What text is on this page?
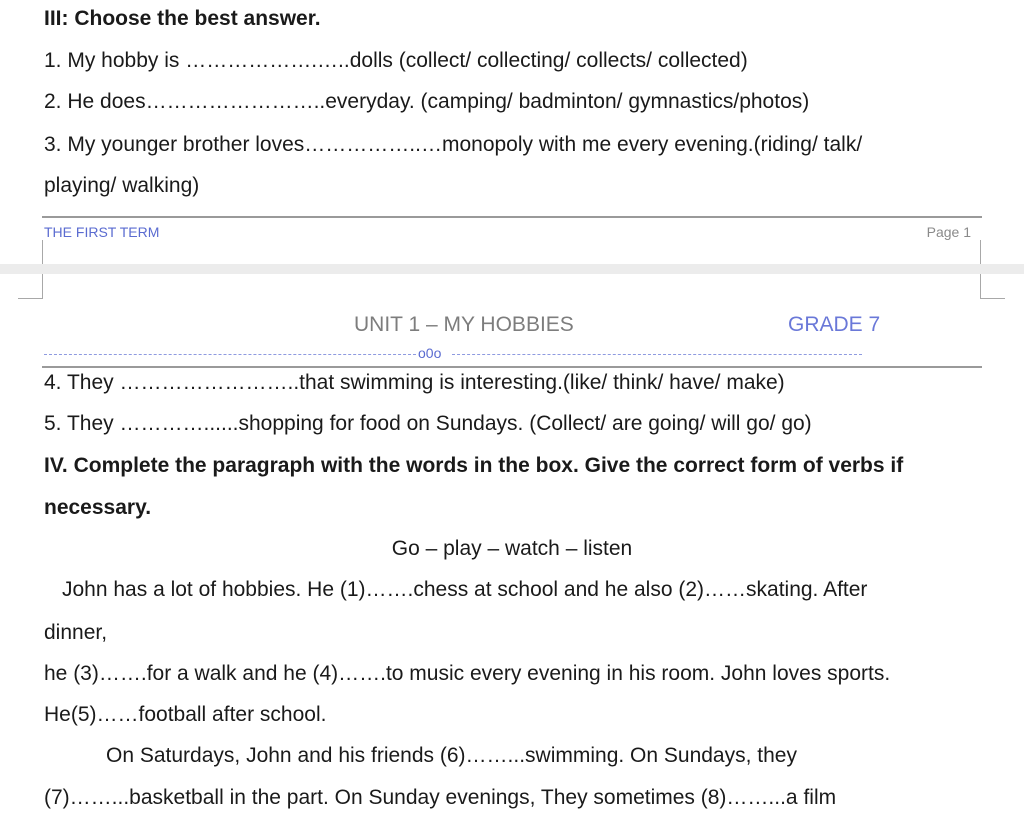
III: Choose the best answer.
1. My hobby is ……………….…..dolls (collect/ collecting/ collects/ collected)
2. He does……………………..everyday. (camping/ badminton/ gymnastics/photos)
3. My younger brother loves……………..…monopoly with me every evening.(riding/ talk/
playing/ walking)
THE FIRST TERM	Page 1
UNIT 1 – MY HOBBIES	GRADE 7
o0o
4. They ……………………..that swimming is interesting.(like/ think/ have/ make)
5. They …………......shopping for food on Sundays. (Collect/ are going/ will go/ go)
IV. Complete the paragraph with the words in the box. Give the correct form of verbs if
necessary.
Go – play – watch – listen
John has a lot of hobbies. He (1)…….chess at school and he also (2)……skating. After
dinner,
he (3)…….for a walk and he (4)…….to music every evening in his room. John loves sports.
He(5)……football after school.
On Saturdays, John and his friends (6)……...swimming. On Sundays, they
(7)……...basketball in the part. On Sunday evenings, They sometimes (8)……...a film
